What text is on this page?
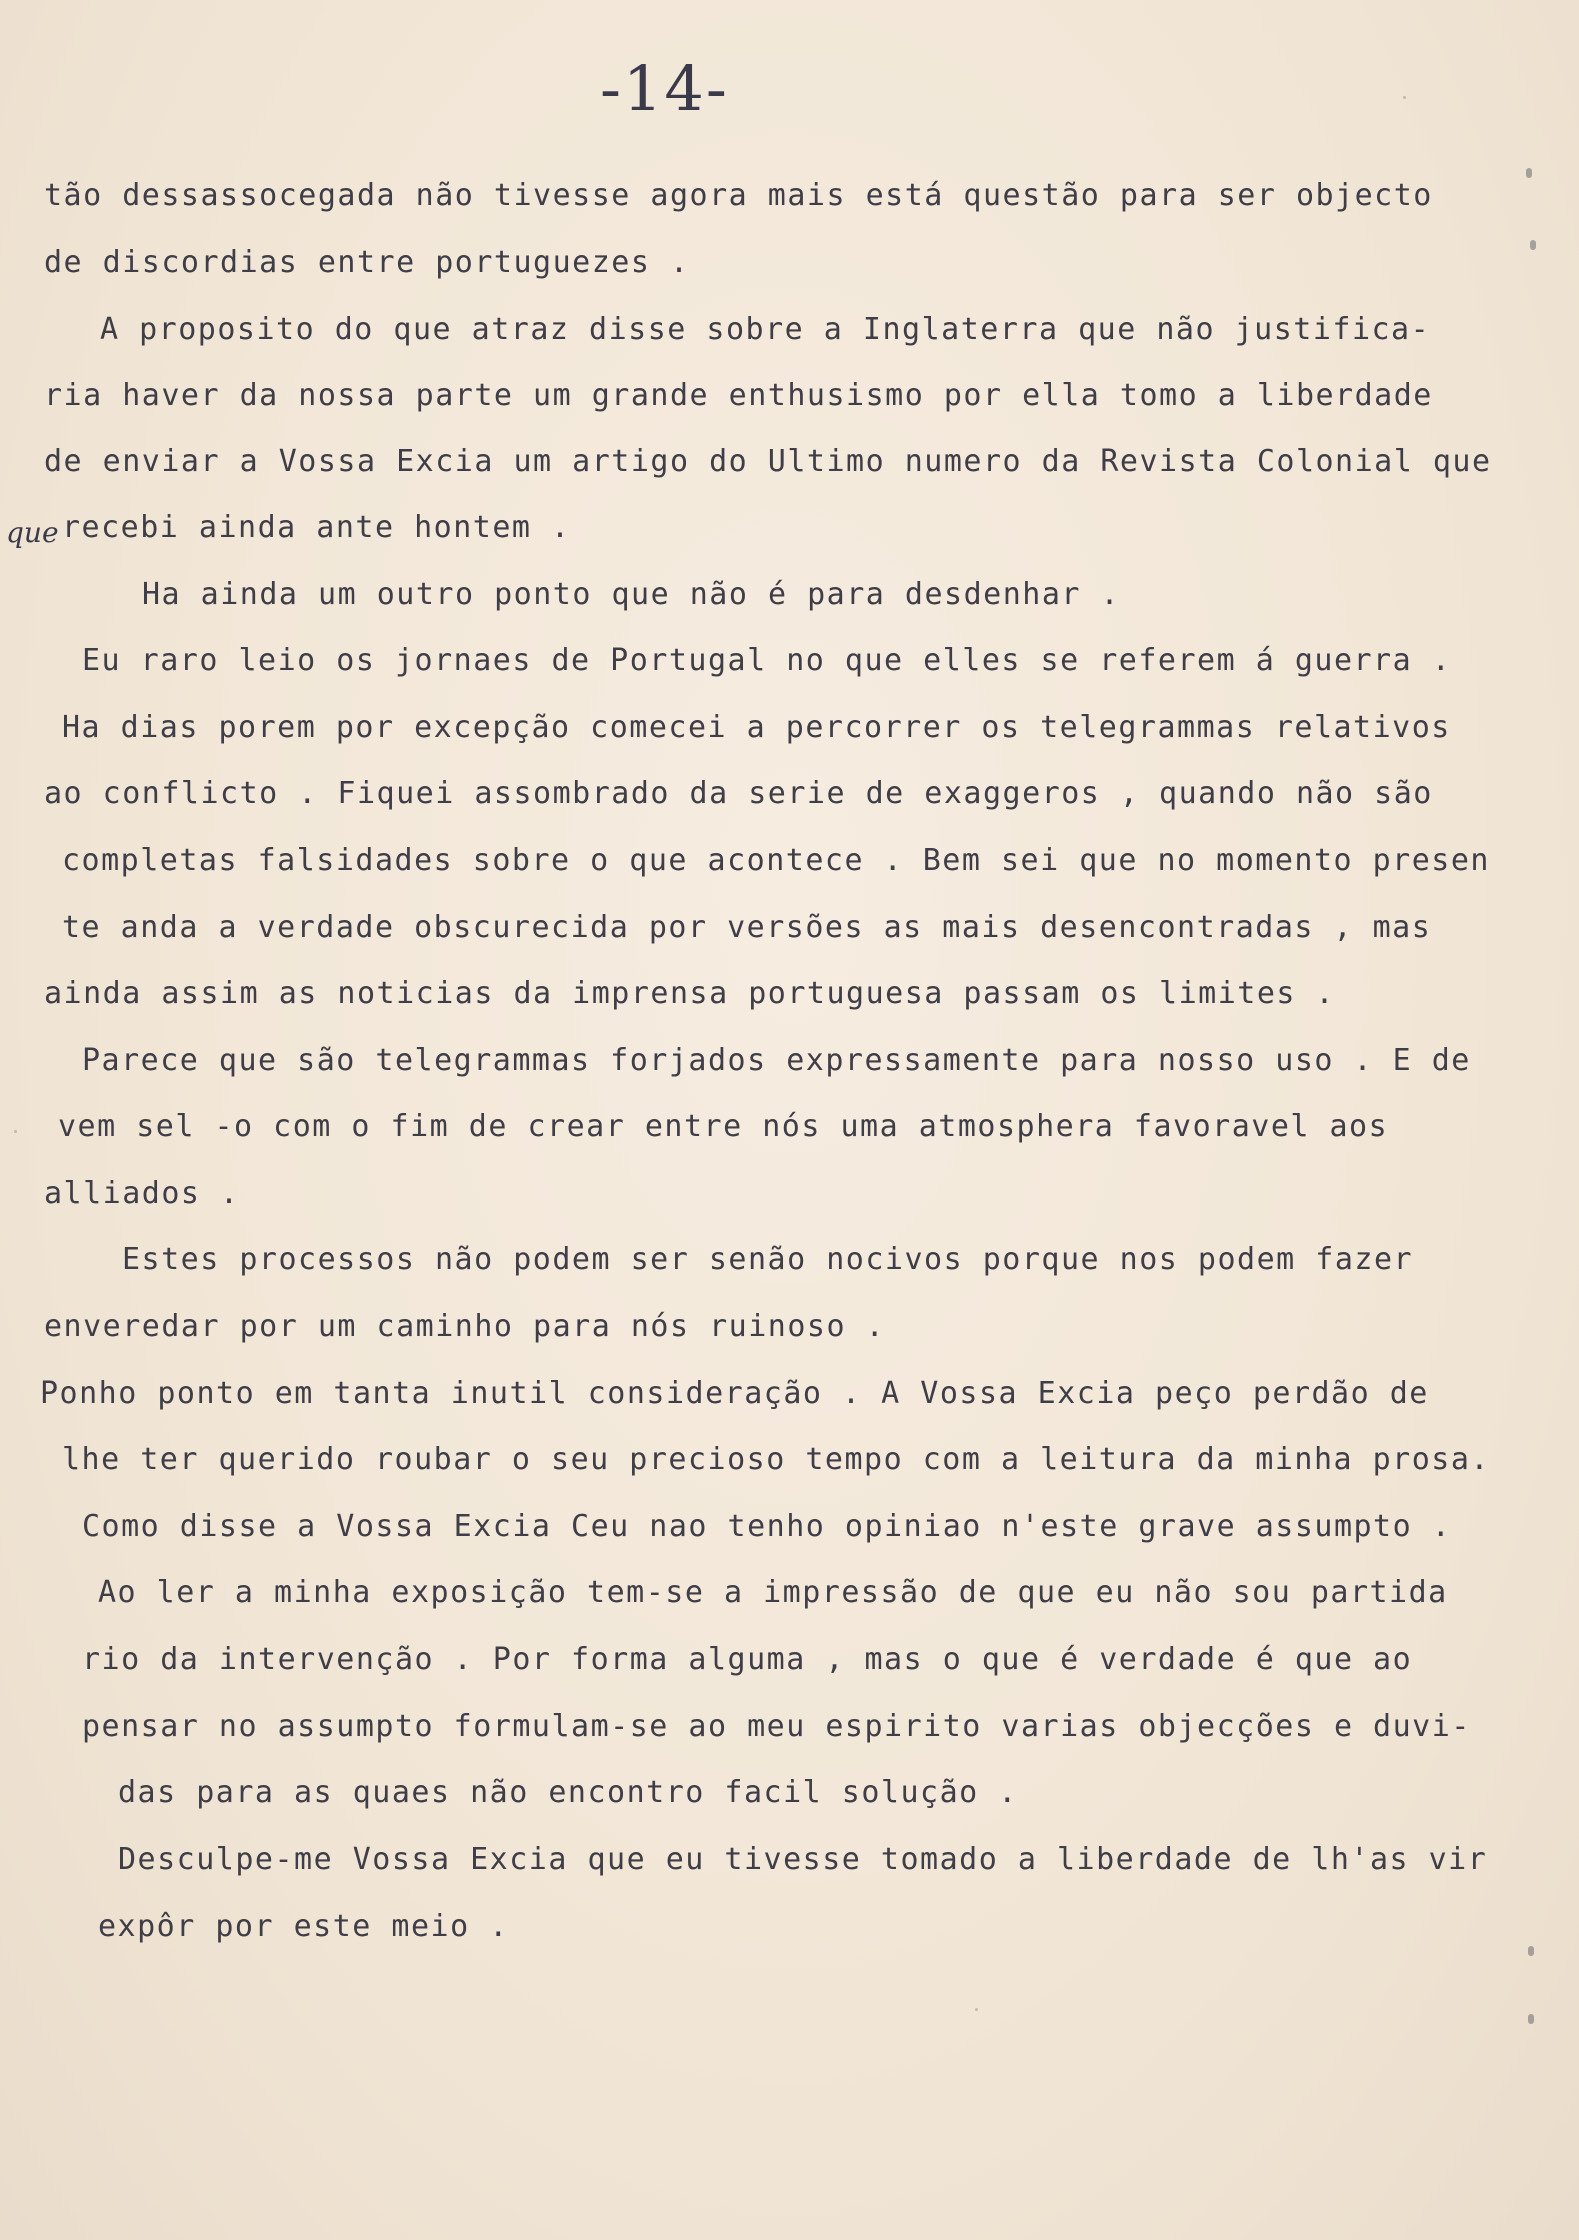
-14-
que
tão dessassocegada não tivesse agora mais está questão para ser objecto
de discordias entre portuguezes .
A proposito do que atraz disse sobre a Inglaterra que não justifica-
ria haver da nossa parte um grande enthusismo por ella tomo a liberdade
de enviar a Vossa Excia um artigo do Ultimo numero da Revista Colonial que
recebi ainda ante hontem .
Ha ainda um outro ponto que não é para desdenhar .
Eu raro leio os jornaes de Portugal no que elles se referem á guerra .
Ha dias porem por excepção comecei a percorrer os telegrammas relativos
ao conflicto . Fiquei assombrado da serie de exaggeros , quando não são
completas falsidades sobre o que acontece . Bem sei que no momento presen
te anda a verdade obscurecida por versões as mais desencontradas , mas
ainda assim as noticias da imprensa portuguesa passam os limites .
Parece que são telegrammas forjados expressamente para nosso uso . E de
vem sel -o com o fim de crear entre nós uma atmosphera favoravel aos
alliados .
Estes processos não podem ser senão nocivos porque nos podem fazer
enveredar por um caminho para nós ruinoso .
Ponho ponto em tanta inutil consideração . A Vossa Excia peço perdão de
lhe ter querido roubar o seu precioso tempo com a leitura da minha prosa.
Como disse a Vossa Excia Ceu nao tenho opiniao n'este grave assumpto .
Ao ler a minha exposição tem-se a impressão de que eu não sou partida
rio da intervenção . Por forma alguma , mas o que é verdade é que ao
pensar no assumpto formulam-se ao meu espirito varias objecções e duvi-
das para as quaes não encontro facil solução .
Desculpe-me Vossa Excia que eu tivesse tomado a liberdade de lh'as vir
expôr por este meio .
